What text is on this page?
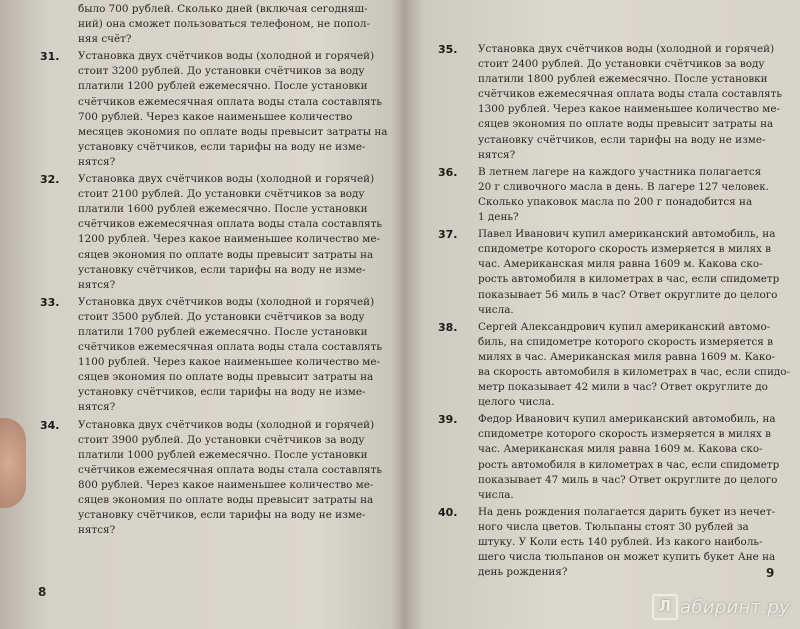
было 700 рублей. Сколько дней (включая сегодняш-
ний) она сможет пользоваться телефоном, не попол-
няя счёт?
31.	Установка двух счётчиков воды (холодной и горячей)
стоит 3200 рублей. До установки счётчиков за воду
платили 1200 рублей ежемесячно. После установки
счётчиков ежемесячная оплата воды стала составлять
700 рублей. Через какое наименьшее количество
месяцев экономия по оплате воды превысит затраты на
установку счётчиков, если тарифы на воду не изме-
нятся?
32.	Установка двух счётчиков воды (холодной и горячей)
стоит 2100 рублей. До установки счётчиков за воду
платили 1600 рублей ежемесячно. После установки
счётчиков ежемесячная оплата воды стала составлять
1200 рублей. Через какое наименьшее количество ме-
сяцев экономия по оплате воды превысит затраты на
установку счётчиков, если тарифы на воду не изме-
нятся?
33.	Установка двух счётчиков воды (холодной и горячей)
стоит 3500 рублей. До установки счётчиков за воду
платили 1700 рублей ежемесячно. После установки
счётчиков ежемесячная оплата воды стала составлять
1100 рублей. Через какое наименьшее количество ме-
сяцев экономия по оплате воды превысит затраты на
установку счётчиков, если тарифы на воду не изме-
нятся?
34.	Установка двух счётчиков воды (холодной и горячей)
стоит 3900 рублей. До установки счётчиков за воду
платили 1000 рублей ежемесячно. После установки
счётчиков ежемесячная оплата воды стала составлять
800 рублей. Через какое наименьшее количество ме-
сяцев экономия по оплате воды превысит затраты на
установку счётчиков, если тарифы на воду не изме-
нятся?
35.	Установка двух счётчиков воды (холодной и горячей)
стоит 2400 рублей. До установки счётчиков за воду
платили 1800 рублей ежемесячно. После установки
счётчиков ежемесячная оплата воды стала составлять
1300 рублей. Через какое наименьшее количество ме-
сяцев экономия по оплате воды превысит затраты на
установку счётчиков, если тарифы на воду не изме-
нятся?
36.	В летнем лагере на каждого участника полагается
20 г сливочного масла в день. В лагере 127 человек.
Сколько упаковок масла по 200 г понадобится на
1 день?
37.	Павел Иванович купил американский автомобиль, на
спидометре которого скорость измеряется в милях в
час. Американская миля равна 1609 м. Какова ско-
рость автомобиля в километрах в час, если спидометр
показывает 56 миль в час? Ответ округлите до целого
числа.
38.	Сергей Александрович купил американский автомо-
биль, на спидометре которого скорость измеряется в
милях в час. Американская миля равна 1609 м. Како-
ва скорость автомобиля в километрах в час, если спидо-
метр показывает 42 мили в час? Ответ округлите до
целого числа.
39.	Федор Иванович купил американский автомобиль, на
спидометре которого скорость измеряется в милях в
час. Американская миля равна 1609 м. Какова ско-
рость автомобиля в километрах в час, если спидометр
показывает 47 миль в час? Ответ округлите до целого
числа.
40.	На день рождения полагается дарить букет из нечет-
ного числа цветов. Тюльпаны стоят 30 рублей за
штуку. У Коли есть 140 рублей. Из какого наиболь-
шего числа тюльпанов он может купить букет Ане на
день рождения?
8
9
Л абиринт.ру
